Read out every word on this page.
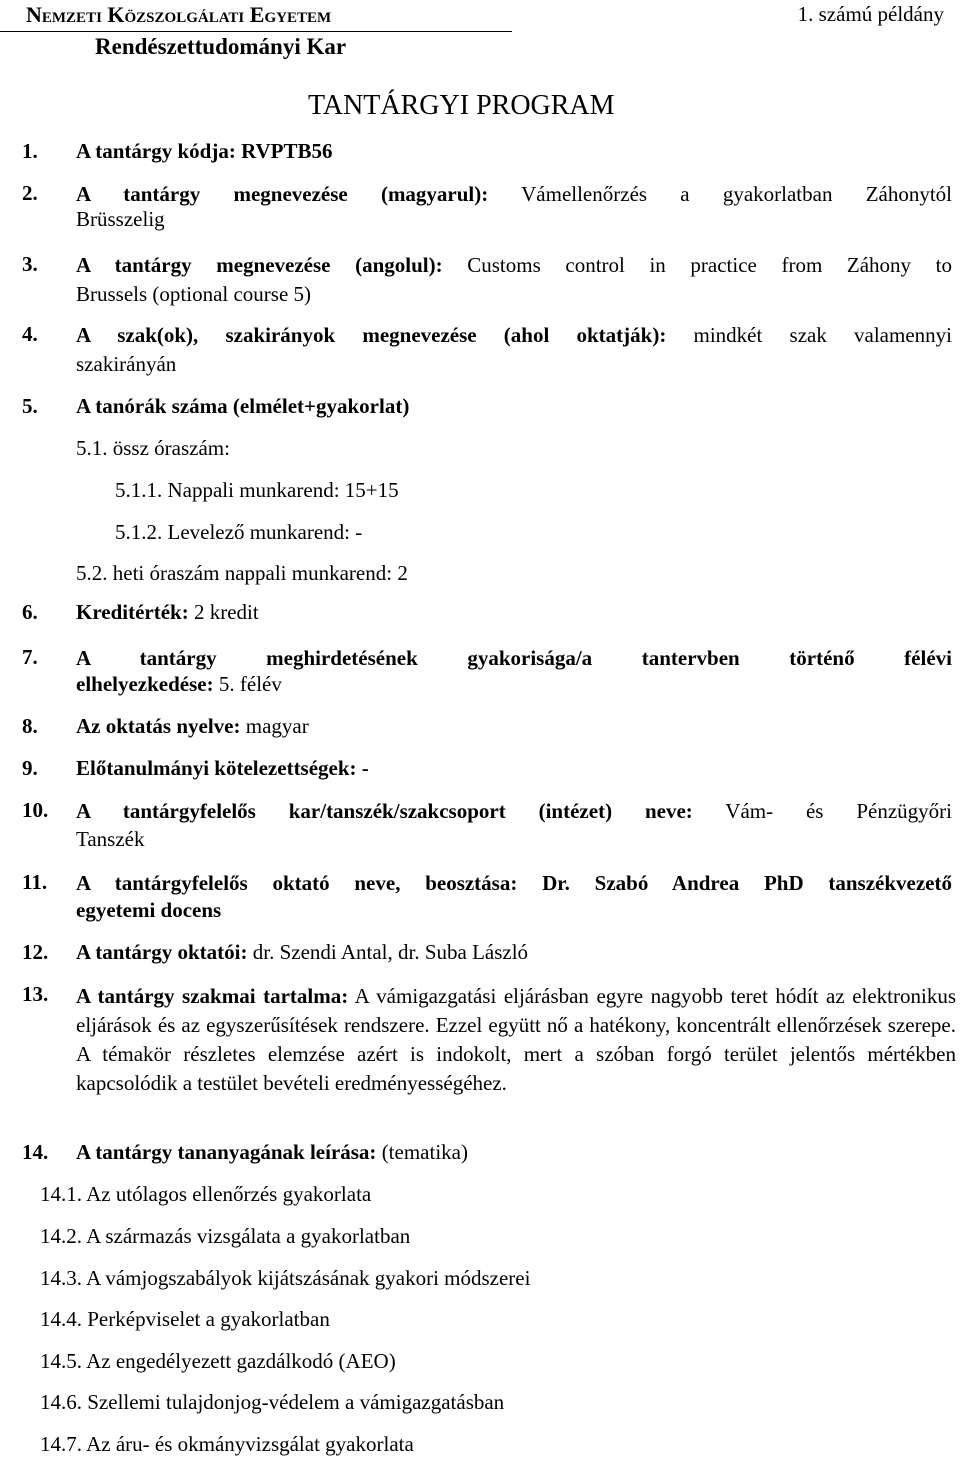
Nemzeti Közszolgálati Egyetem
Rendészettudományi Kar
1. számú példány
TANTÁRGYI PROGRAM
1. A tantárgy kódja: RVPTB56
2. A tantárgy megnevezése (magyarul): Vámellenőrzés a gyakorlatban Záhonytól
Brüsszelig
3. A tantárgy megnevezése (angolul): Customs control in practice from Záhony to
Brussels (optional course 5)
4. A szak(ok), szakirányok megnevezése (ahol oktatják): mindkét szak valamennyi
szakirányán
5. A tanórák száma (elmélet+gyakorlat)
5.1. össz óraszám:
5.1.1. Nappali munkarend: 15+15
5.1.2. Levelező munkarend: -
5.2. heti óraszám nappali munkarend: 2
6. Kreditérték: 2 kredit
7. A tantárgy meghirdetésének gyakorisága/a tantervben történő félévi
elhelyezkedése: 5. félév
8. Az oktatás nyelve: magyar
9. Előtanulmányi kötelezettségek: -
10. A tantárgyfelelős kar/tanszék/szakcsoport (intézet) neve: Vám- és Pénzügyőri
Tanszék
11. A tantárgyfelelős oktató neve, beosztása: Dr. Szabó Andrea PhD tanszékvezető
egyetemi docens
12. A tantárgy oktatói: dr. Szendi Antal, dr. Suba László
13. A tantárgy szakmai tartalma: A vámigazgatási eljárásban egyre nagyobb teret hódít az elektronikus eljárások és az egyszerűsítések rendszere. Ezzel együtt nő a hatékony, koncentrált ellenőrzések szerepe. A témakör részletes elemzése azért is indokolt, mert a szóban forgó terület jelentős mértékben kapcsolódik a testület bevételi eredményességéhez.
14. A tantárgy tananyagának leírása: (tematika)
14.1. Az utólagos ellenőrzés gyakorlata
14.2. A származás vizsgálata a gyakorlatban
14.3. A vámjogszabályok kijátszásának gyakori módszerei
14.4. Perképviselet a gyakorlatban
14.5. Az engedélyezett gazdálkodó (AEO)
14.6. Szellemi tulajdonjog-védelem a vámigazgatásban
14.7. Az áru- és okmányvizsgálat gyakorlata
